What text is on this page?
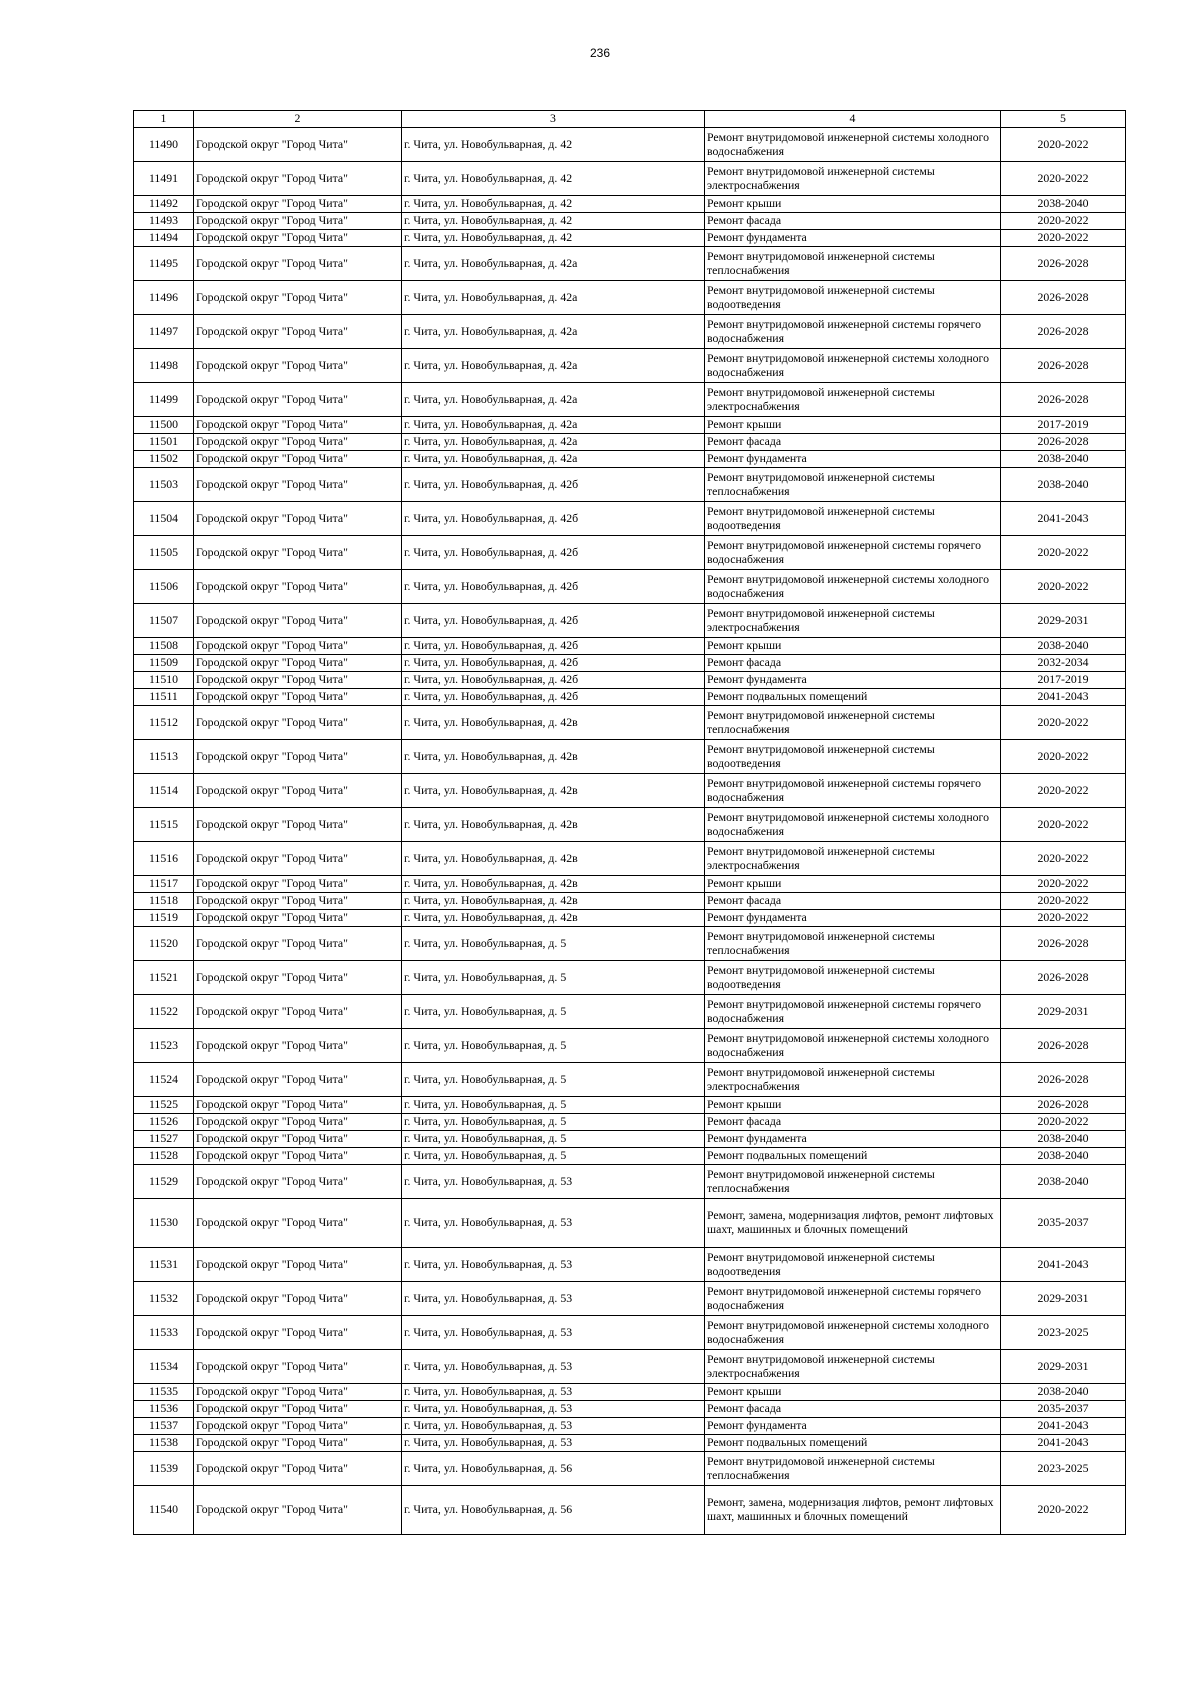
236
1	2	3	4	5
11490	Городской округ "Город Чита"	г. Чита, ул. Новобульварная, д. 42	Ремонт внутридомовой инженерной системы холодного водоснабжения	2020-2022
11491	Городской округ "Город Чита"	г. Чита, ул. Новобульварная, д. 42	Ремонт внутридомовой инженерной системы электроснабжения	2020-2022
11492	Городской округ "Город Чита"	г. Чита, ул. Новобульварная, д. 42	Ремонт крыши	2038-2040
11493	Городской округ "Город Чита"	г. Чита, ул. Новобульварная, д. 42	Ремонт фасада	2020-2022
11494	Городской округ "Город Чита"	г. Чита, ул. Новобульварная, д. 42	Ремонт фундамента	2020-2022
11495	Городской округ "Город Чита"	г. Чита, ул. Новобульварная, д. 42а	Ремонт внутридомовой инженерной системы теплоснабжения	2026-2028
11496	Городской округ "Город Чита"	г. Чита, ул. Новобульварная, д. 42а	Ремонт внутридомовой инженерной системы водоотведения	2026-2028
11497	Городской округ "Город Чита"	г. Чита, ул. Новобульварная, д. 42а	Ремонт внутридомовой инженерной системы горячего водоснабжения	2026-2028
11498	Городской округ "Город Чита"	г. Чита, ул. Новобульварная, д. 42а	Ремонт внутридомовой инженерной системы холодного водоснабжения	2026-2028
11499	Городской округ "Город Чита"	г. Чита, ул. Новобульварная, д. 42а	Ремонт внутридомовой инженерной системы электроснабжения	2026-2028
11500	Городской округ "Город Чита"	г. Чита, ул. Новобульварная, д. 42а	Ремонт крыши	2017-2019
11501	Городской округ "Город Чита"	г. Чита, ул. Новобульварная, д. 42а	Ремонт фасада	2026-2028
11502	Городской округ "Город Чита"	г. Чита, ул. Новобульварная, д. 42а	Ремонт фундамента	2038-2040
11503	Городской округ "Город Чита"	г. Чита, ул. Новобульварная, д. 42б	Ремонт внутридомовой инженерной системы теплоснабжения	2038-2040
11504	Городской округ "Город Чита"	г. Чита, ул. Новобульварная, д. 42б	Ремонт внутридомовой инженерной системы водоотведения	2041-2043
11505	Городской округ "Город Чита"	г. Чита, ул. Новобульварная, д. 42б	Ремонт внутридомовой инженерной системы горячего водоснабжения	2020-2022
11506	Городской округ "Город Чита"	г. Чита, ул. Новобульварная, д. 42б	Ремонт внутридомовой инженерной системы холодного водоснабжения	2020-2022
11507	Городской округ "Город Чита"	г. Чита, ул. Новобульварная, д. 42б	Ремонт внутридомовой инженерной системы электроснабжения	2029-2031
11508	Городской округ "Город Чита"	г. Чита, ул. Новобульварная, д. 42б	Ремонт крыши	2038-2040
11509	Городской округ "Город Чита"	г. Чита, ул. Новобульварная, д. 42б	Ремонт фасада	2032-2034
11510	Городской округ "Город Чита"	г. Чита, ул. Новобульварная, д. 42б	Ремонт фундамента	2017-2019
11511	Городской округ "Город Чита"	г. Чита, ул. Новобульварная, д. 42б	Ремонт подвальных помещений	2041-2043
11512	Городской округ "Город Чита"	г. Чита, ул. Новобульварная, д. 42в	Ремонт внутридомовой инженерной системы теплоснабжения	2020-2022
11513	Городской округ "Город Чита"	г. Чита, ул. Новобульварная, д. 42в	Ремонт внутридомовой инженерной системы водоотведения	2020-2022
11514	Городской округ "Город Чита"	г. Чита, ул. Новобульварная, д. 42в	Ремонт внутридомовой инженерной системы горячего водоснабжения	2020-2022
11515	Городской округ "Город Чита"	г. Чита, ул. Новобульварная, д. 42в	Ремонт внутридомовой инженерной системы холодного водоснабжения	2020-2022
11516	Городской округ "Город Чита"	г. Чита, ул. Новобульварная, д. 42в	Ремонт внутридомовой инженерной системы электроснабжения	2020-2022
11517	Городской округ "Город Чита"	г. Чита, ул. Новобульварная, д. 42в	Ремонт крыши	2020-2022
11518	Городской округ "Город Чита"	г. Чита, ул. Новобульварная, д. 42в	Ремонт фасада	2020-2022
11519	Городской округ "Город Чита"	г. Чита, ул. Новобульварная, д. 42в	Ремонт фундамента	2020-2022
11520	Городской округ "Город Чита"	г. Чита, ул. Новобульварная, д. 5	Ремонт внутридомовой инженерной системы теплоснабжения	2026-2028
11521	Городской округ "Город Чита"	г. Чита, ул. Новобульварная, д. 5	Ремонт внутридомовой инженерной системы водоотведения	2026-2028
11522	Городской округ "Город Чита"	г. Чита, ул. Новобульварная, д. 5	Ремонт внутридомовой инженерной системы горячего водоснабжения	2029-2031
11523	Городской округ "Город Чита"	г. Чита, ул. Новобульварная, д. 5	Ремонт внутридомовой инженерной системы холодного водоснабжения	2026-2028
11524	Городской округ "Город Чита"	г. Чита, ул. Новобульварная, д. 5	Ремонт внутридомовой инженерной системы электроснабжения	2026-2028
11525	Городской округ "Город Чита"	г. Чита, ул. Новобульварная, д. 5	Ремонт крыши	2026-2028
11526	Городской округ "Город Чита"	г. Чита, ул. Новобульварная, д. 5	Ремонт фасада	2020-2022
11527	Городской округ "Город Чита"	г. Чита, ул. Новобульварная, д. 5	Ремонт фундамента	2038-2040
11528	Городской округ "Город Чита"	г. Чита, ул. Новобульварная, д. 5	Ремонт подвальных помещений	2038-2040
11529	Городской округ "Город Чита"	г. Чита, ул. Новобульварная, д. 53	Ремонт внутридомовой инженерной системы теплоснабжения	2038-2040
11530	Городской округ "Город Чита"	г. Чита, ул. Новобульварная, д. 53	Ремонт, замена, модернизация лифтов, ремонт лифтовых шахт, машинных и блочных помещений	2035-2037
11531	Городской округ "Город Чита"	г. Чита, ул. Новобульварная, д. 53	Ремонт внутридомовой инженерной системы водоотведения	2041-2043
11532	Городской округ "Город Чита"	г. Чита, ул. Новобульварная, д. 53	Ремонт внутридомовой инженерной системы горячего водоснабжения	2029-2031
11533	Городской округ "Город Чита"	г. Чита, ул. Новобульварная, д. 53	Ремонт внутридомовой инженерной системы холодного водоснабжения	2023-2025
11534	Городской округ "Город Чита"	г. Чита, ул. Новобульварная, д. 53	Ремонт внутридомовой инженерной системы электроснабжения	2029-2031
11535	Городской округ "Город Чита"	г. Чита, ул. Новобульварная, д. 53	Ремонт крыши	2038-2040
11536	Городской округ "Город Чита"	г. Чита, ул. Новобульварная, д. 53	Ремонт фасада	2035-2037
11537	Городской округ "Город Чита"	г. Чита, ул. Новобульварная, д. 53	Ремонт фундамента	2041-2043
11538	Городской округ "Город Чита"	г. Чита, ул. Новобульварная, д. 53	Ремонт подвальных помещений	2041-2043
11539	Городской округ "Город Чита"	г. Чита, ул. Новобульварная, д. 56	Ремонт внутридомовой инженерной системы теплоснабжения	2023-2025
11540	Городской округ "Город Чита"	г. Чита, ул. Новобульварная, д. 56	Ремонт, замена, модернизация лифтов, ремонт лифтовых шахт, машинных и блочных помещений	2020-2022
